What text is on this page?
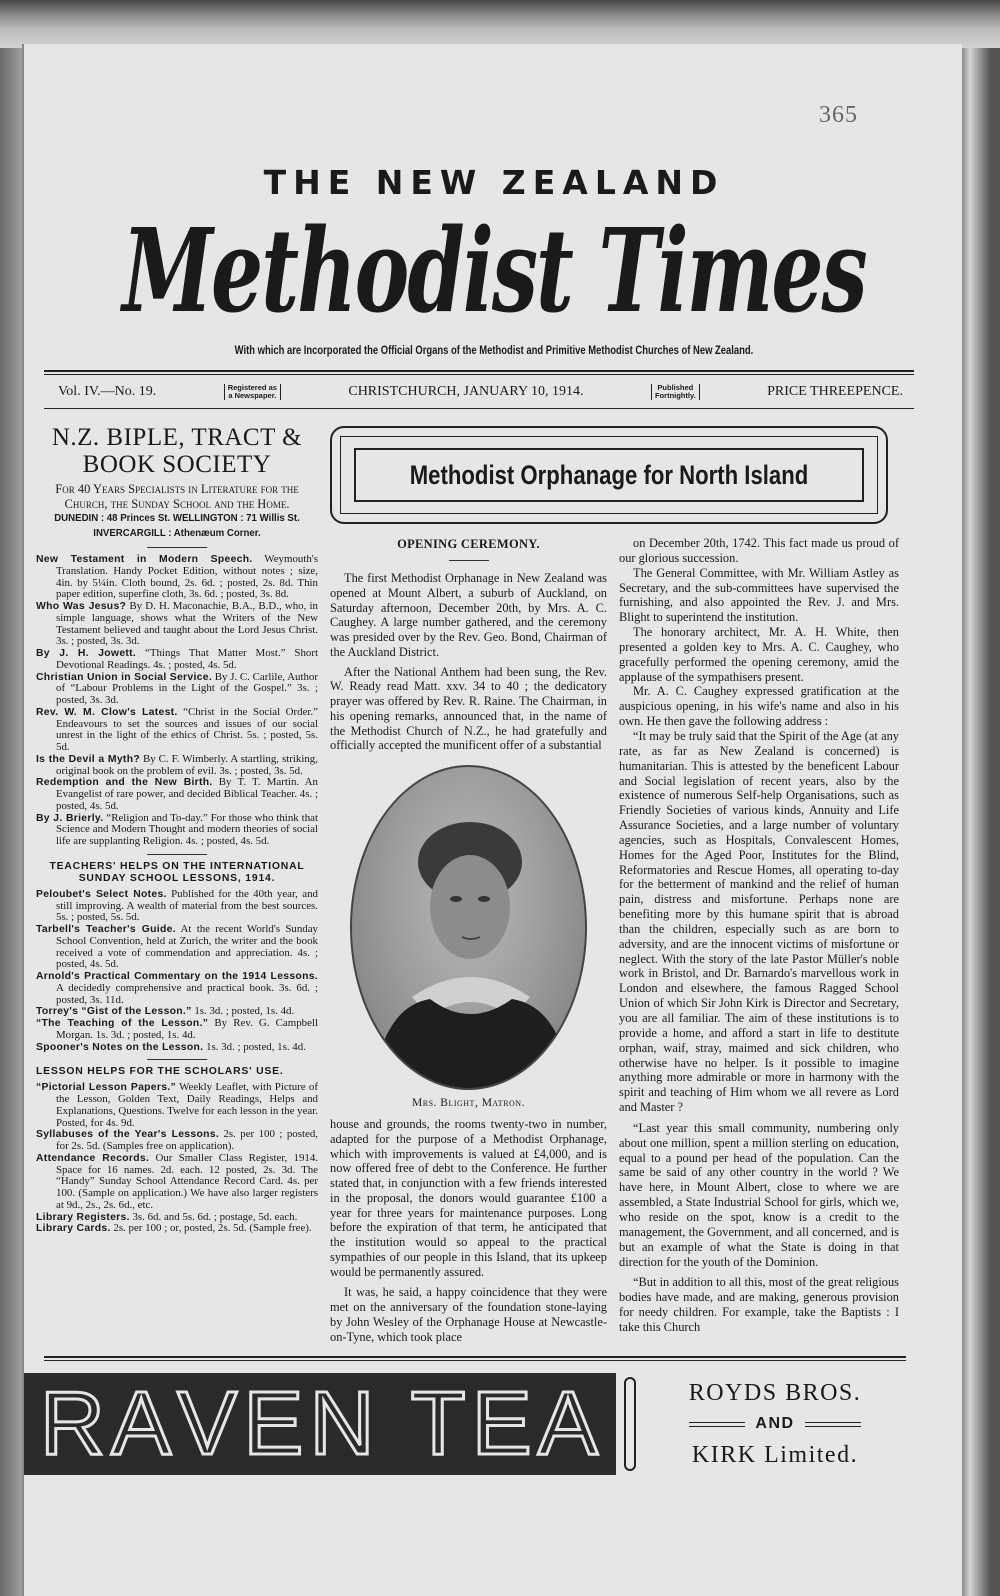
365
THE NEW ZEALAND
Methodist Times
With which are Incorporated the Official Organs of the Methodist and Primitive Methodist Churches of New Zealand.
Vol. IV.—No. 19.	Registered as
a Newspaper.	CHRISTCHURCH, JANUARY 10, 1914.	Published
Fortnightly.	PRICE THREEPENCE.
N.Z. BIPLE, TRACT &
BOOK SOCIETY
For 40 Years Specialists in Literature for the Church, the Sunday School and the Home.
DUNEDIN : 48 Princes St. WELLINGTON : 71 Willis St.
INVERCARGILL : Athenæum Corner.
New Testament in Modern Speech. Weymouth's Translation. Handy Pocket Edition, without notes ; size, 4in. by 5¼in. Cloth bound, 2s. 6d. ; posted, 2s. 8d. Thin paper edition, superfine cloth, 3s. 6d. ; posted, 3s. 8d.
Who Was Jesus? By D. H. Maconachie, B.A., B.D., who, in simple language, shows what the Writers of the New Testament believed and taught about the Lord Jesus Christ. 3s. ; posted, 3s. 3d.
By J. H. Jowett. “Things That Matter Most.” Short Devotional Readings. 4s. ; posted, 4s. 5d.
Christian Union in Social Service. By J. C. Carlile, Author of “Labour Problems in the Light of the Gospel.” 3s. ; posted, 3s. 3d.
Rev. W. M. Clow's Latest. “Christ in the Social Order.” Endeavours to set the sources and issues of our social unrest in the light of the ethics of Christ. 5s. ; posted, 5s. 5d.
Is the Devil a Myth? By C. F. Wimberly. A startling, striking, original book on the problem of evil. 3s. ; posted, 3s. 5d.
Redemption and the New Birth. By T. T. Martin. An Evangelist of rare power, and decided Biblical Teacher. 4s. ; posted, 4s. 5d.
By J. Brierly. “Religion and To-day.” For those who think that Science and Modern Thought and modern theories of social life are supplanting Religion. 4s. ; posted, 4s. 5d.
TEACHERS' HELPS ON THE INTERNATIONAL SUNDAY SCHOOL LESSONS, 1914.
Peloubet's Select Notes. Published for the 40th year, and still improving. A wealth of material from the best sources. 5s. ; posted, 5s. 5d.
Tarbell's Teacher's Guide. At the recent World's Sunday School Convention, held at Zurich, the writer and the book received a vote of commendation and appreciation. 4s. ; posted, 4s. 5d.
Arnold's Practical Commentary on the 1914 Lessons. A decidedly comprehensive and practical book. 3s. 6d. ; posted, 3s. 11d.
Torrey's “Gist of the Lesson.” 1s. 3d. ; posted, 1s. 4d.
“The Teaching of the Lesson.” By Rev. G. Campbell Morgan. 1s. 3d. ; posted, 1s. 4d.
Spooner's Notes on the Lesson. 1s. 3d. ; posted, 1s. 4d.
LESSON HELPS FOR THE SCHOLARS' USE.
“Pictorial Lesson Papers.” Weekly Leaflet, with Picture of the Lesson, Golden Text, Daily Readings, Helps and Explanations, Questions. Twelve for each lesson in the year. Posted, for 4s. 9d.
Syllabuses of the Year's Lessons. 2s. per 100 ; posted, for 2s. 5d. (Samples free on application).
Attendance Records. Our Smaller Class Register, 1914. Space for 16 names. 2d. each. 12 posted, 2s. 3d. The “Handy” Sunday School Attendance Record Card. 4s. per 100. (Sample on application.) We have also larger registers at 9d., 2s., 2s. 6d., etc.
Library Registers. 3s. 6d. and 5s. 6d. ; postage, 5d. each.
Library Cards. 2s. per 100 ; or, posted, 2s. 5d. (Sample free).
Methodist Orphanage for North Island
OPENING CEREMONY.

The first Methodist Orphanage in New Zealand was opened at Mount Albert, a suburb of Auckland, on Saturday afternoon, December 20th, by Mrs. A. C. Caughey. A large number gathered, and the ceremony was presided over by the Rev. Geo. Bond, Chairman of the Auckland District.

After the National Anthem had been sung, the Rev. W. Ready read Matt. xxv. 34 to 40 ; the dedicatory prayer was offered by Rev. R. Raine. The Chairman, in his opening remarks, announced that, in the name of the Methodist Church of N.Z., he had gratefully and officially accepted the munificent offer of a substantial

Mrs. Blight, Matron.

house and grounds, the rooms twenty-two in number, adapted for the purpose of a Methodist Orphanage, which with improvements is valued at £4,000, and is now offered free of debt to the Conference. He further stated that, in conjunction with a few friends interested in the proposal, the donors would guarantee £100 a year for three years for maintenance purposes. Long before the expiration of that term, he anticipated that the institution would so appeal to the practical sympathies of our people in this Island, that its upkeep would be permanently assured.

It was, he said, a happy coincidence that they were met on the anniversary of the foundation stone-laying by John Wesley of the Orphanage House at Newcastle-on-Tyne, which took place

on December 20th, 1742. This fact made us proud of our glorious succession.

The General Committee, with Mr. William Astley as Secretary, and the sub-committees have supervised the furnishing, and also appointed the Rev. J. and Mrs. Blight to superintend the institution.

The honorary architect, Mr. A. H. White, then presented a golden key to Mrs. A. C. Caughey, who gracefully performed the opening ceremony, amid the applause of the sympathisers present.

Mr. A. C. Caughey expressed gratification at the auspicious opening, in his wife's name and also in his own. He then gave the following address :

“It may be truly said that the Spirit of the Age (at any rate, as far as New Zealand is concerned) is humanitarian. This is attested by the beneficent Labour and Social legislation of recent years, also by the existence of numerous Self-help Organisations, such as Friendly Societies of various kinds, Annuity and Life Assurance Societies, and a large number of voluntary agencies, such as Hospitals, Convalescent Homes, Homes for the Aged Poor, Institutes for the Blind, Reformatories and Rescue Homes, all operating to-day for the betterment of mankind and the relief of human pain, distress and misfortune. Perhaps none are benefiting more by this humane spirit that is abroad than the children, especially such as are born to adversity, and are the innocent victims of misfortune or neglect. With the story of the late Pastor Müller's noble work in Bristol, and Dr. Barnardo's marvellous work in London and elsewhere, the famous Ragged School Union of which Sir John Kirk is Director and Secretary, you are all familiar. The aim of these institutions is to provide a home, and afford a start in life to destitute orphan, waif, stray, maimed and sick children, who otherwise have no helper. Is it possible to imagine anything more admirable or more in harmony with the spirit and teaching of Him whom we all revere as Lord and Master ?

“Last year this small community, numbering only about one million, spent a million sterling on education, equal to a pound per head of the population. Can the same be said of any other country in the world ? We have here, in Mount Albert, close to where we are assembled, a State Industrial School for girls, which we, who reside on the spot, know is a credit to the management, the Government, and all concerned, and is but an example of what the State is doing in that direction for the youth of the Dominion.

“But in addition to all this, most of the great religious bodies have made, and are making, generous provision for needy children. For example, take the Baptists : I take this Church

R A V E N T E A	ROYDS BROS.
AND
KIRK Limited.
